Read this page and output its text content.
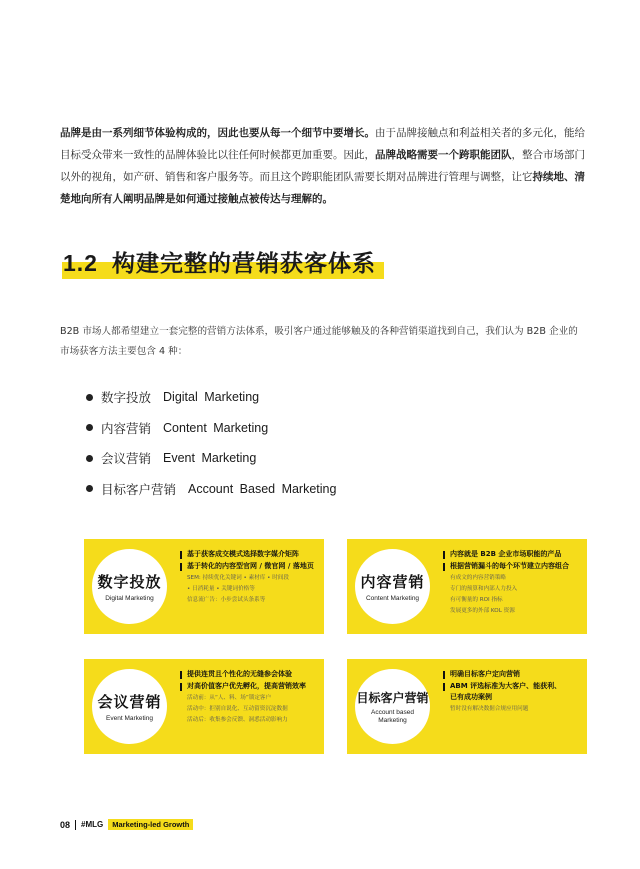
品牌是由一系列细节体验构成的，因此也要从每一个细节中要增长。由于品牌接触点和利益相关者的多元化，能给目标受众带来一致性的品牌体验比以往任何时候都更加重要。因此，品牌战略需要一个跨职能团队，整合市场部门以外的视角，如产研、销售和客户服务等。而且这个跨职能团队需要长期对品牌进行管理与调整，让它持续地、清楚地向所有人阐明品牌是如何通过接触点被传达与理解的。

1.2 构建完整的营销获客体系

B2B 市场人都希望建立一套完整的营销方法体系，吸引客户通过能够触及的各种营销渠道找到自己，我们认为 B2B 企业的市场获客方法主要包含 4 种：

数字投放 Digital Marketing
内容营销 Content Marketing
会议营销 Event Marketing
目标客户营销 Account Based Marketing
数字投放
Digital Marketing
基于获客成交模式选择数字媒介矩阵
基于转化的内容型官网 / 微官网 / 落地页
SEM: 持续优化关键词 • 素材库 • 时间段
• 日消耗量 • 关键词价格等
信息流广告：小步尝试头条系等
内容营销
Content Marketing
内容就是 B2B 企业市场职能的产品
根据营销漏斗的每个环节建立内容组合
有成文的内容营销策略
专门的预算和内部人力投入
有可衡量的 ROI 指标
发展更多的外部 KOL 资源
会议营销
Event Marketing
提供连贯且个性化的无缝参会体验
对高价值客户优先孵化，提高营销效率
活动前：从“人、料、场”锁定客户
活动中：拒别自说化、互动留资沉淀数据
活动后：收集参会反馈、洞悉活动影响力
目标客户营销
Account based Marketing
明确目标客户定向营销
ABM 评选标准为大客户、能获利、
已有成功案例
暂时没有解决数据合规应用问题
08 #MLG	Marketing-led Growth
